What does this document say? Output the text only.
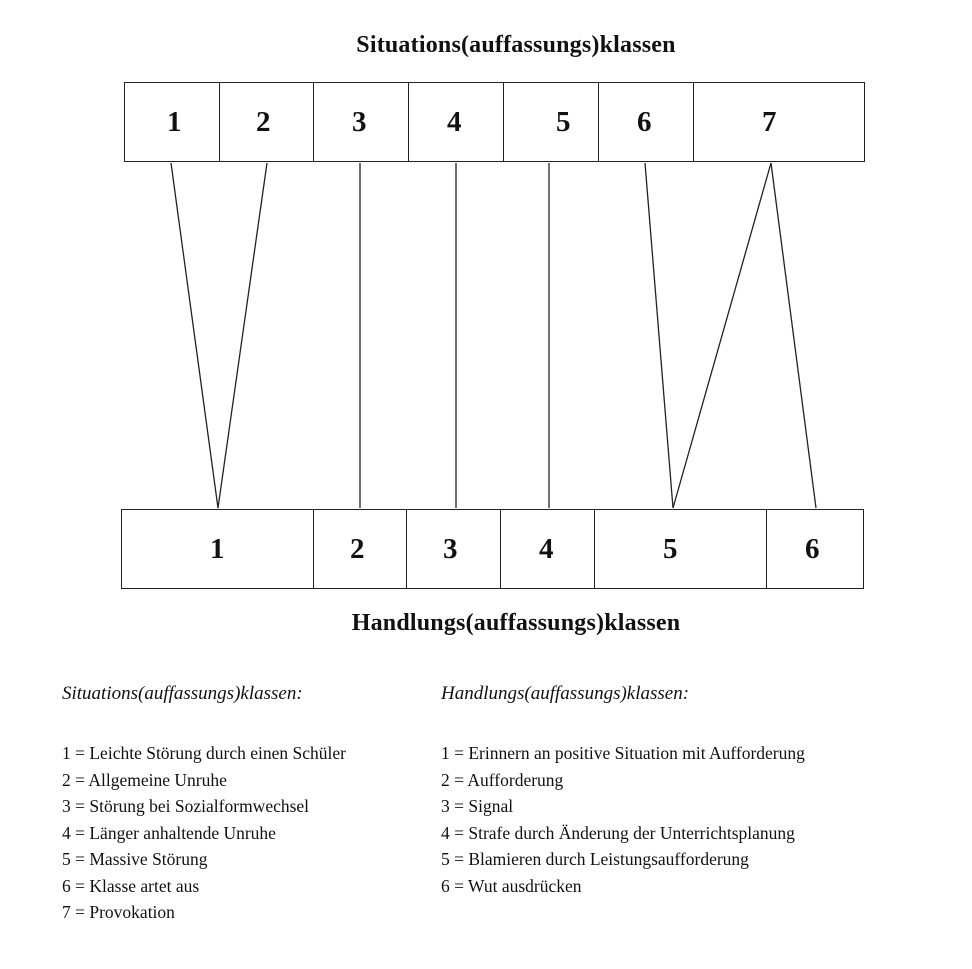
Situations(auffassungs)klassen
1	2	3	4	5	6	7
1	2	3	4	5	6
Handlungs(auffassungs)klassen
Situations(auffassungs)klassen:	Handlungs(auffassungs)klassen:
1 = Leichte Störung durch einen Schüler
2 = Allgemeine Unruhe
3 = Störung bei Sozialformwechsel
4 = Länger anhaltende Unruhe
5 = Massive Störung
6 = Klasse artet aus
7 = Provokation
1 = Erinnern an positive Situation mit Aufforderung
2 = Aufforderung
3 = Signal
4 = Strafe durch Änderung der Unterrichtsplanung
5 = Blamieren durch Leistungsaufforderung
6 = Wut ausdrücken
